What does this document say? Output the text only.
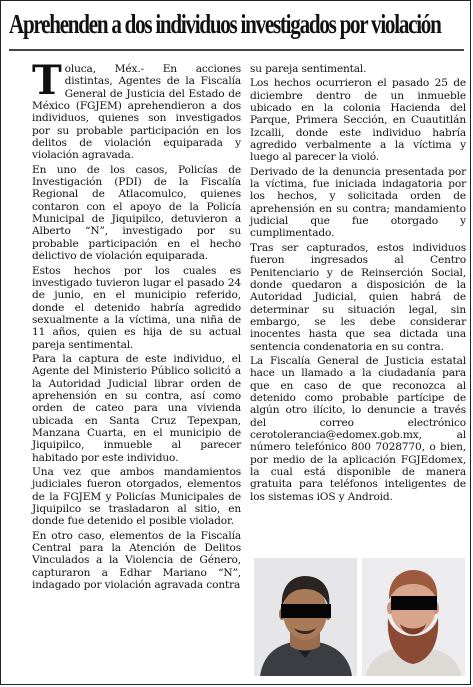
Aprehenden a dos individuos investigados por violación

Toluca, Méx.- En acciones distintas, Agentes de la Fiscalía General de Justicia del Estado de México (FGJEM) aprehendieron a dos individuos, quienes son investigados por su probable participación en los delitos de violación equiparada y violación agravada.

En uno de los casos, Policías de Investigación (PDI) de la Fiscalía Regional de Atlacomulco, quienes contaron con el apoyo de la Policía Municipal de Jiquipilco, detuvieron a Alberto “N”, investigado por su probable participación en el hecho delictivo de violación equiparada.

Estos hechos por los cuales es investigado tuvieron lugar el pasado 24 de junio, en el municipio referido, donde el detenido habría agredido sexualmente a la víctima, una niña de 11 años, quien es hija de su actual pareja sentimental.

Para la captura de este individuo, el Agente del Ministerio Público solicitó a la Autoridad Judicial librar orden de aprehensión en su contra, así como orden de cateo para una vivienda ubicada en Santa Cruz Tepexpan, Manzana Cuarta, en el municipio de Jiquipilco, inmueble al parecer habitado por este individuo.

Una vez que ambos mandamientos judiciales fueron otorgados, elementos de la FGJEM y Policías Municipales de Jiquipilco se trasladaron al sitio, en donde fue detenido el posible violador.

En otro caso, elementos de la Fiscalía Central para la Atención de Delitos Vinculados a la Violencia de Género, capturaron a Edhar Mariano “N”, indagado por violación agravada contra

su pareja sentimental.

Los hechos ocurrieron el pasado 25 de diciembre dentro de un inmueble ubicado en la colonia Hacienda del Parque, Primera Sección, en Cuautitlán Izcalli, donde este individuo habría agredido verbalmente a la víctima y luego al parecer la violó.

Derivado de la denuncia presentada por la víctima, fue iniciada indagatoria por los hechos, y solicitada orden de aprehensión en su contra; mandamiento judicial que fue otorgado y cumplimentado.

Tras ser capturados, estos individuos fueron ingresados al Centro Penitenciario y de Reinserción Social, donde quedaron a disposición de la Autoridad Judicial, quien habrá de determinar su situación legal, sin embargo, se les debe considerar inocentes hasta que sea dictada una sentencia condenatoria en su contra.

La Fiscalía General de Justicia estatal hace un llamado a la ciudadanía para que en caso de que reconozca al detenido como probable partícipe de algún otro ilícito, lo denuncie a través del correo electrónico cerotolerancia@edomex.gob.mx, al número telefónico 800 7028770, o bien, por medio de la aplicación FGJEdomex, la cual está disponible de manera gratuita para teléfonos inteligentes de los sistemas iOS y Android.
